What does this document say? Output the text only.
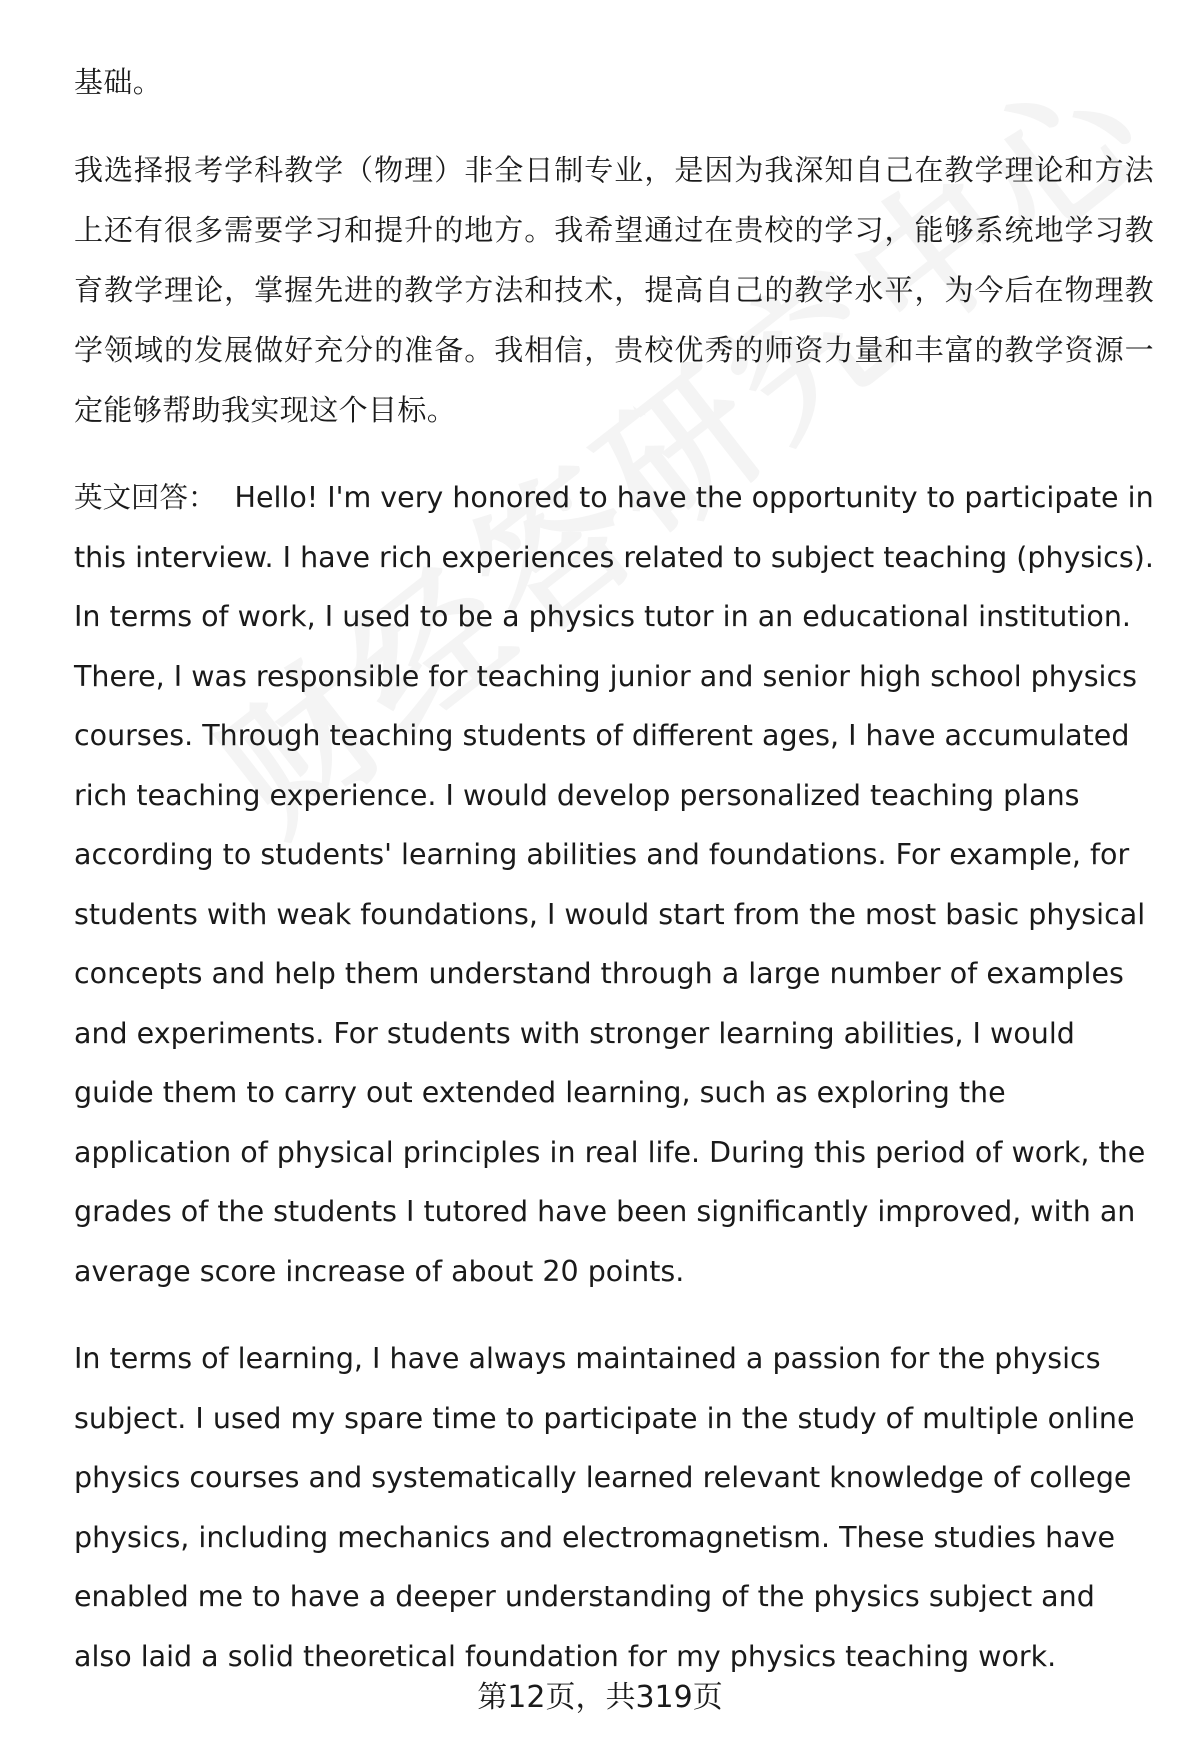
基础。

我选择报考学科教学（物理）非全日制专业，是因为我深知自己在教学理论和方法上还有很多需要学习和提升的地方。我希望通过在贵校的学习，能够系统地学习教育教学理论，掌握先进的教学方法和技术，提高自己的教学水平，为今后在物理教学领域的发展做好充分的准备。我相信，贵校优秀的师资力量和丰富的教学资源一定能够帮助我实现这个目标。

英文回答： Hello! I'm very honored to have the opportunity to participate in this interview. I have rich experiences related to subject teaching (physics). In terms of work, I used to be a physics tutor in an educational institution. There, I was responsible for teaching junior and senior high school physics courses. Through teaching students of different ages, I have accumulated rich teaching experience. I would develop personalized teaching plans according to students' learning abilities and foundations. For example, for students with weak foundations, I would start from the most basic physical concepts and help them understand through a large number of examples and experiments. For students with stronger learning abilities, I would guide them to carry out extended learning, such as exploring the application of physical principles in real life. During this period of work, the grades of the students I tutored have been significantly improved, with an average score increase of about 20 points.

In terms of learning, I have always maintained a passion for the physics subject. I used my spare time to participate in the study of multiple online physics courses and systematically learned relevant knowledge of college physics, including mechanics and electromagnetism. These studies have enabled me to have a deeper understanding of the physics subject and also laid a solid theoretical foundation for my physics teaching work.

第12页，共319页
